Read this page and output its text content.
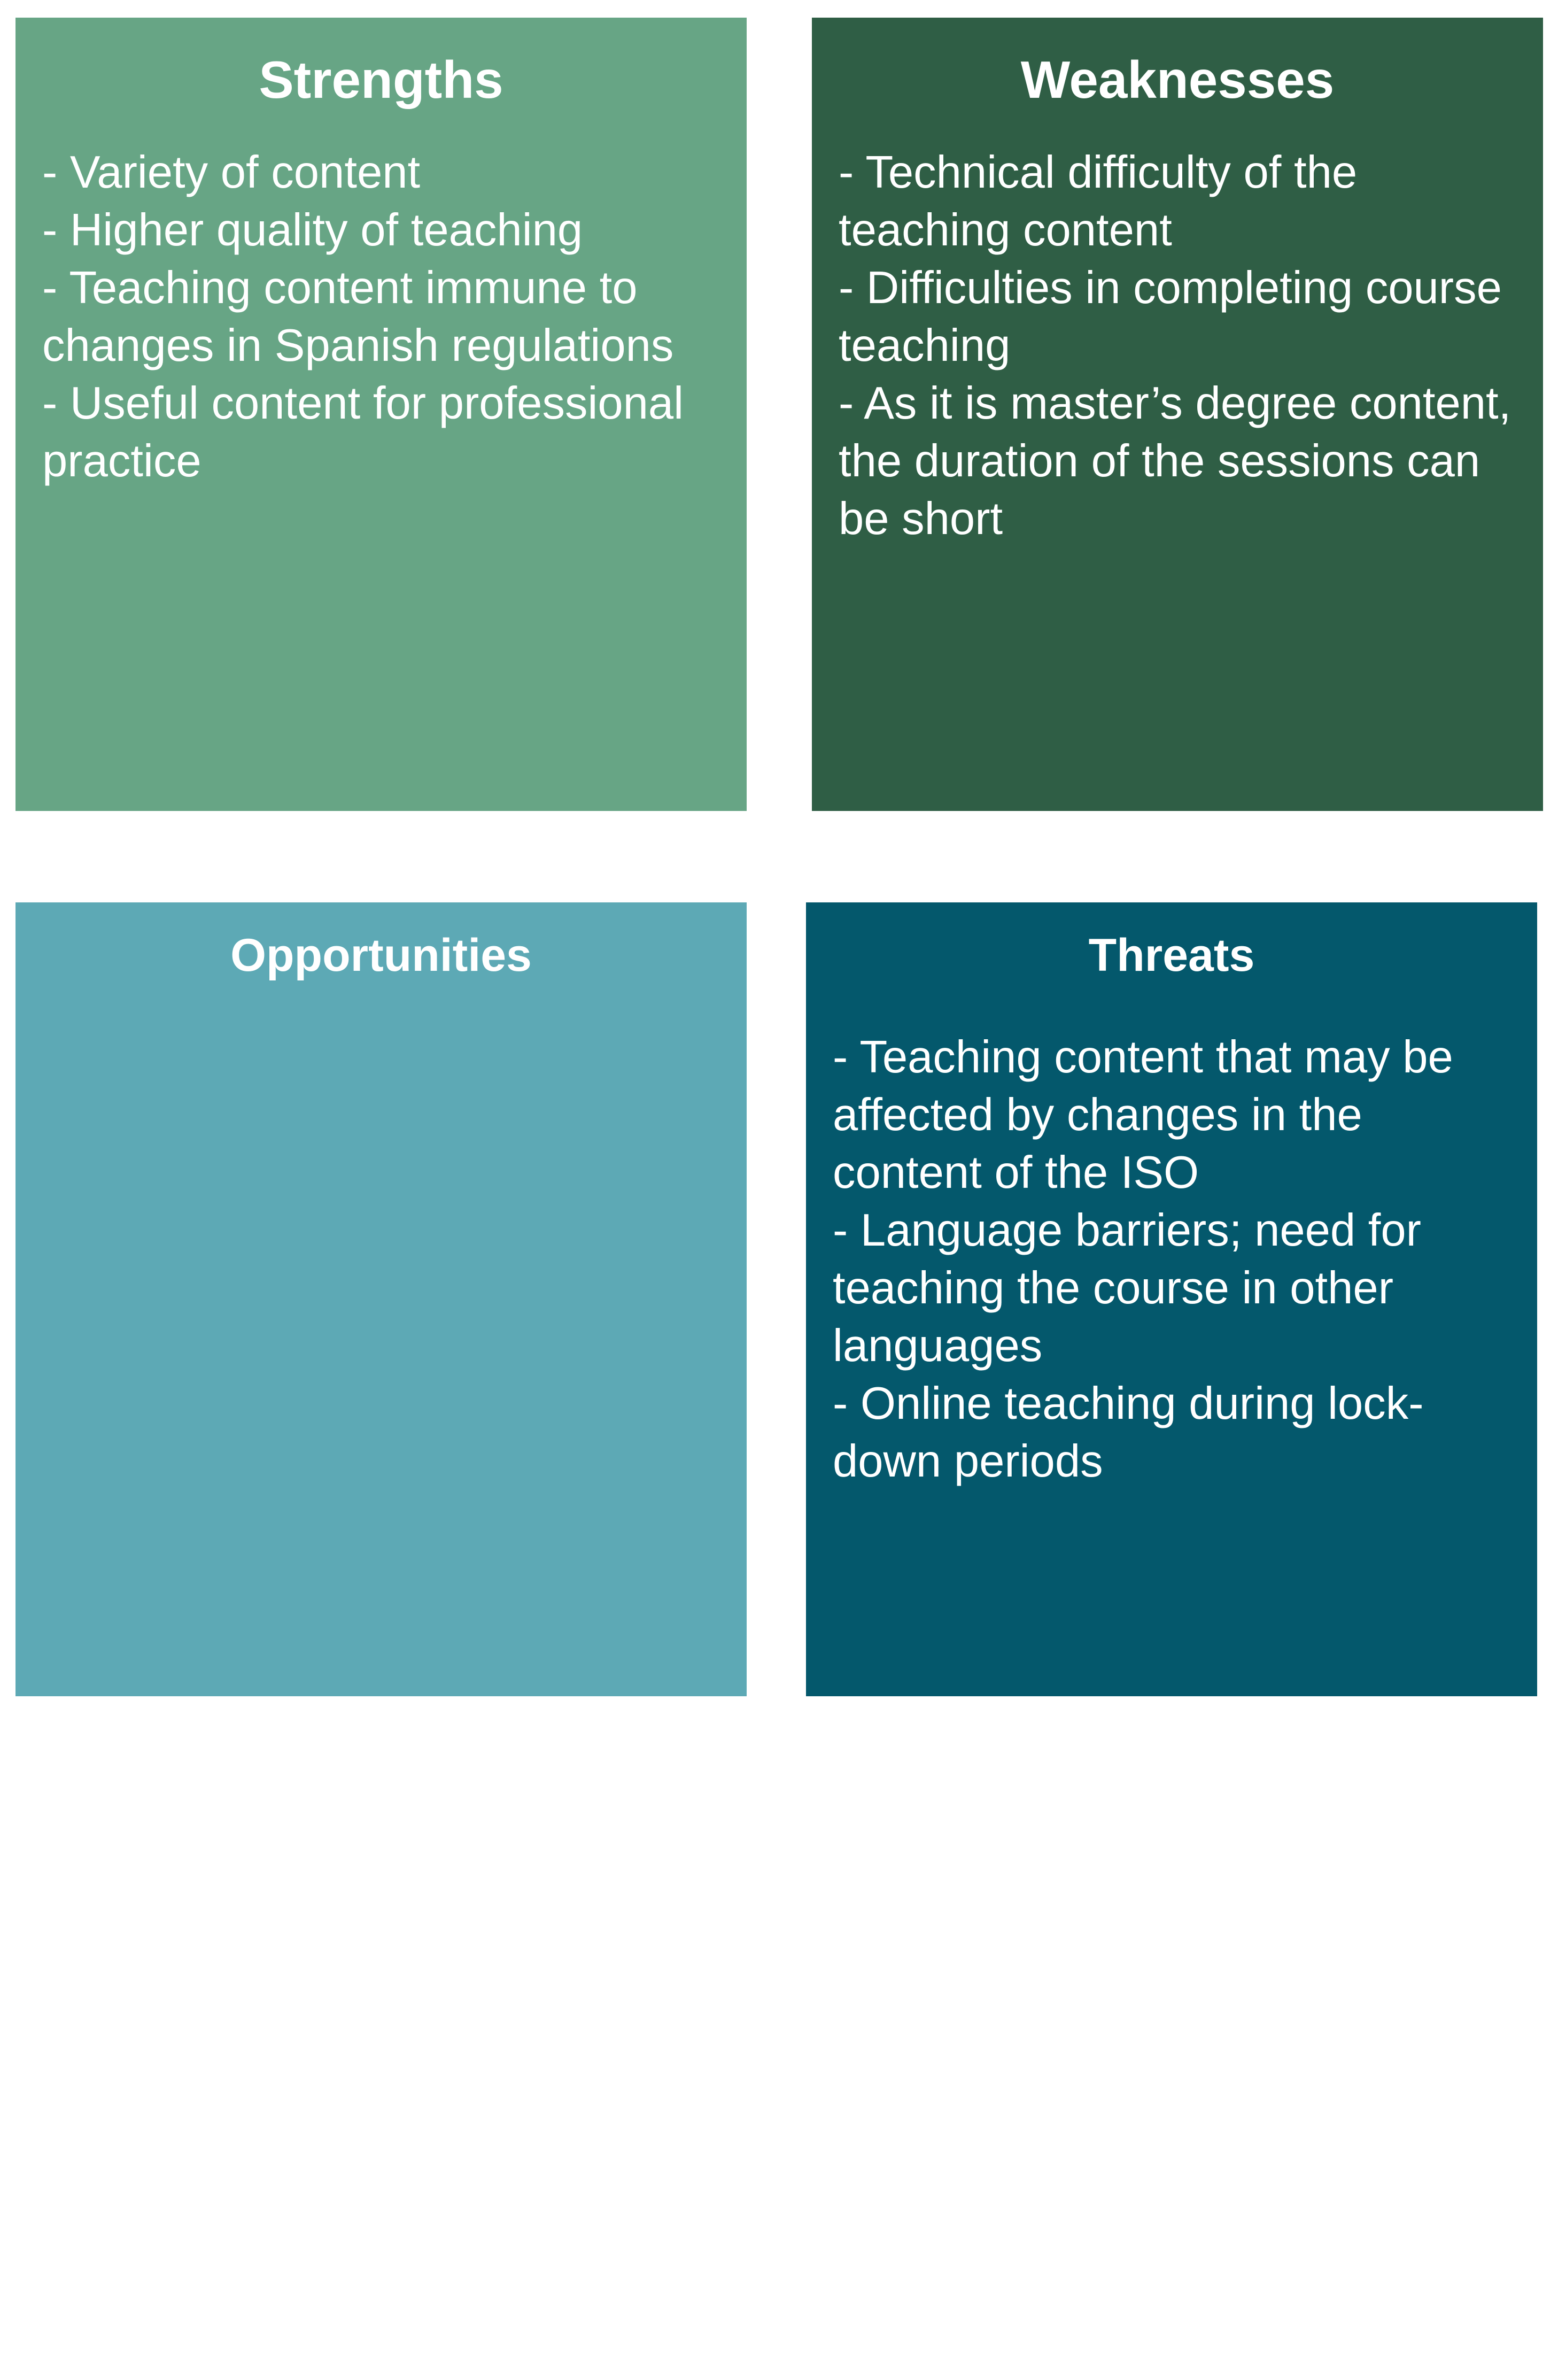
Strengths
- Variety of content
- Higher quality of teaching
- Teaching content immune to changes in Spanish regulations
- Useful content for professional practice
Weaknesses
- Technical difficulty of the teaching content
- Difficulties in completing course teaching
- As it is master’s degree content, the duration of the sessions can be short
Opportunities
- Greater possibility of receiving foreign students
- Strategic positioning at international level
- Possibility of expanding new teaching content
- Use of new software in the field of energy audit
Threats
- Teaching content that may be affected by changes in the content of the ISO
- Language barriers; need for teaching the course in other languages
- Online teaching during lock-down periods
